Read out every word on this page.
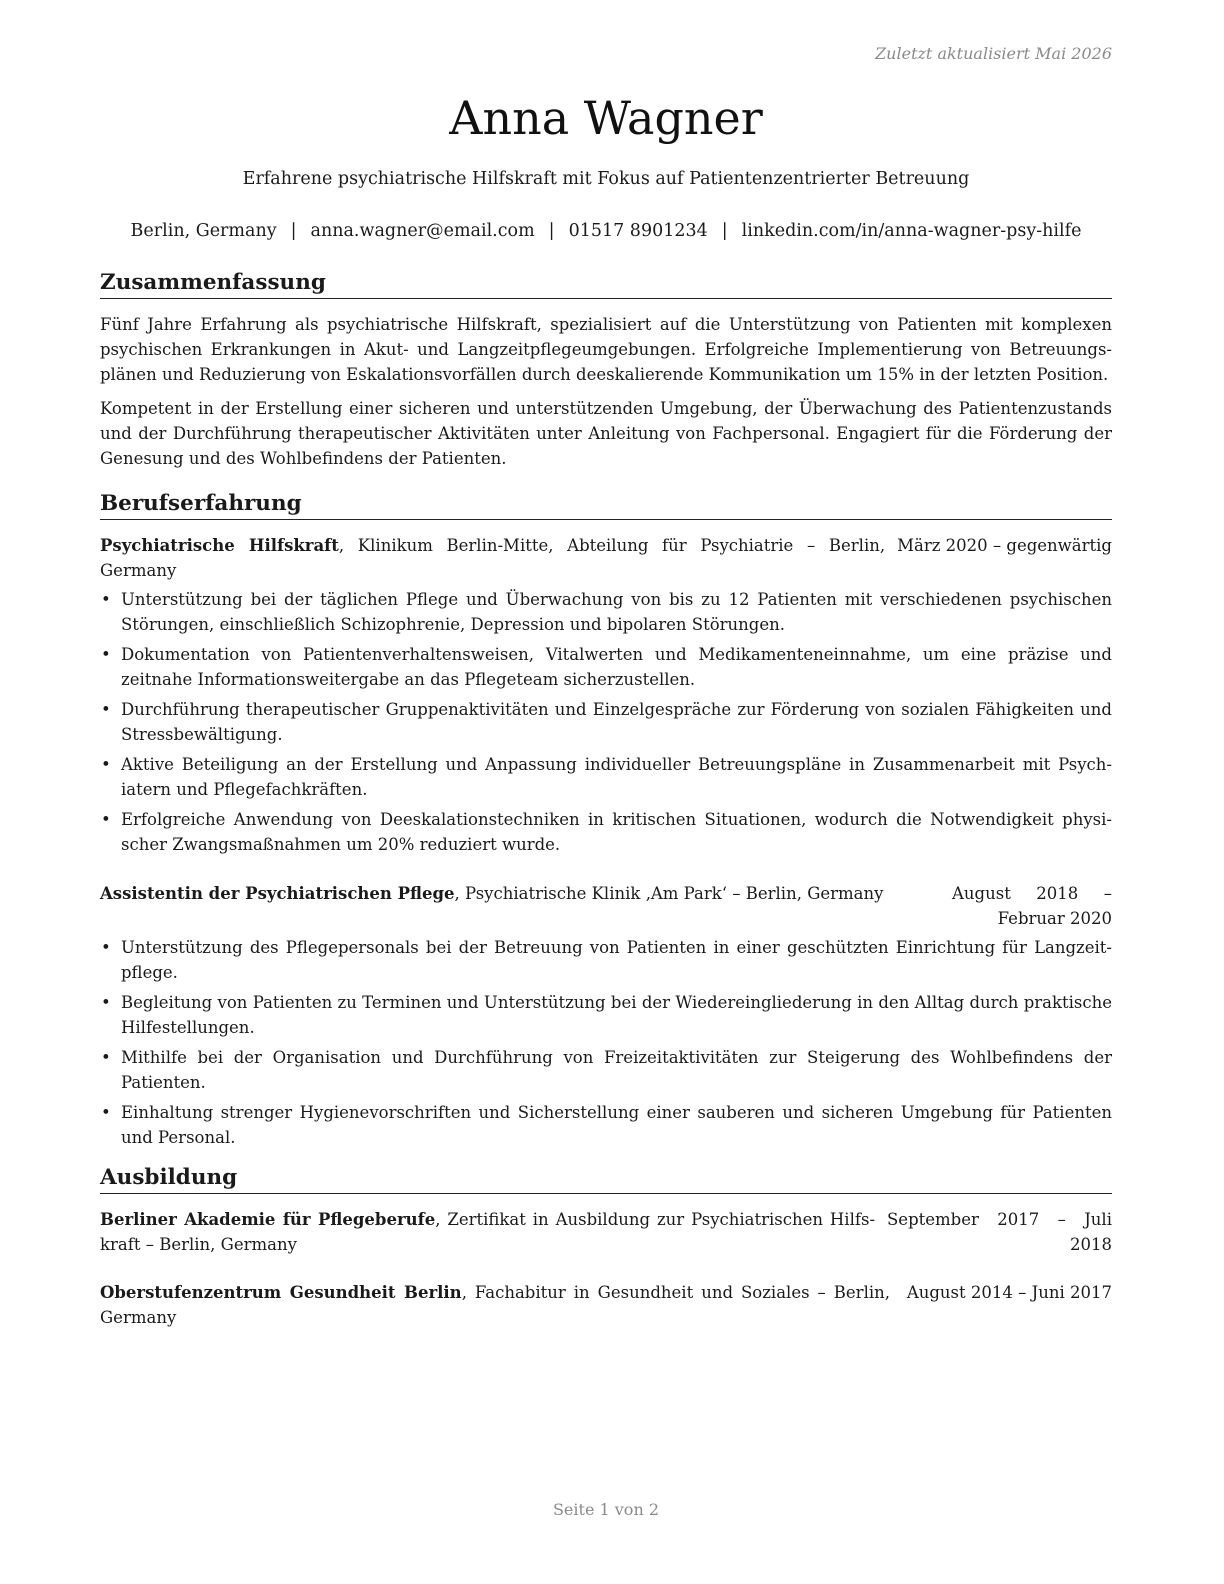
Zuletzt aktualisiert Mai 2026
Anna Wagner
Erfahrene psychiatrische Hilfskraft mit Fokus auf Patientenzentrierter Betreuung
Berlin, Germany | anna.wagner@email.com | 01517 8901234 | linkedin.com/in/anna-wagner-psy-hilfe
Zusammenfassung

Fünf Jahre Erfahrung als psychiatrische Hilfskraft, spezialisiert auf die Unterstützung von Patienten mit komplexen psychischen Erkrankungen in Akut- und Langzeitpflegeumgebungen. Erfolgreiche Implementierung von Betreuungsplänen und Reduzierung von Eskalationsvorfällen durch deeskalierende Kommunikation um 15% in der letzten Position.

Kompetent in der Erstellung einer sicheren und unterstützenden Umgebung, der Überwachung des Patientenzustands und der Durchführung therapeutischer Aktivitäten unter Anleitung von Fachpersonal. Engagiert für die Förderung der Genesung und des Wohlbefindens der Patienten.

Berufserfahrung
Psychiatrische Hilfskraft, Klinikum Berlin-Mitte, Abteilung für Psychiatrie – Berlin, Germany
März 2020 – gegenwärtig
• Unterstützung bei der täglichen Pflege und Überwachung von bis zu 12 Patienten mit verschiedenen psychischen Störungen, einschließlich Schizophrenie, Depression und bipolaren Störungen.
• Dokumentation von Patientenverhaltensweisen, Vitalwerten und Medikamenteneinnahme, um eine präzise und zeitnahe Informationsweitergabe an das Pflegeteam sicherzustellen.
• Durchführung therapeutischer Gruppenaktivitäten und Einzelgespräche zur Förderung von sozialen Fähigkeiten und Stressbewältigung.
• Aktive Beteiligung an der Erstellung und Anpassung individueller Betreuungspläne in Zusammenarbeit mit Psychiatern und Pflegefachkräften.
• Erfolgreiche Anwendung von Deeskalationstechniken in kritischen Situationen, wodurch die Notwendigkeit physischer Zwangsmaßnahmen um 20% reduziert wurde.
Assistentin der Psychiatrischen Pflege, Psychiatrische Klinik ‚Am Park‘ – Berlin, Germany	August 2018 – Februar 2020
• Unterstützung des Pflegepersonals bei der Betreuung von Patienten in einer geschützten Einrichtung für Langzeitpflege.
• Begleitung von Patienten zu Terminen und Unterstützung bei der Wiedereingliederung in den Alltag durch praktische Hilfestellungen.
• Mithilfe bei der Organisation und Durchführung von Freizeitaktivitäten zur Steigerung des Wohlbefindens der Patienten.
• Einhaltung strenger Hygienevorschriften und Sicherstellung einer sauberen und sicheren Umgebung für Patienten und Personal.
Ausbildung
Berliner Akademie für Pflegeberufe, Zertifikat in Ausbildung zur Psychiatrischen Hilfskraft – Berlin, Germany
September 2017 – Juli 2018
Oberstufenzentrum Gesundheit Berlin, Fachabitur in Gesundheit und Soziales – Berlin, Germany
August 2014 – Juni 2017
Seite 1 von 2
